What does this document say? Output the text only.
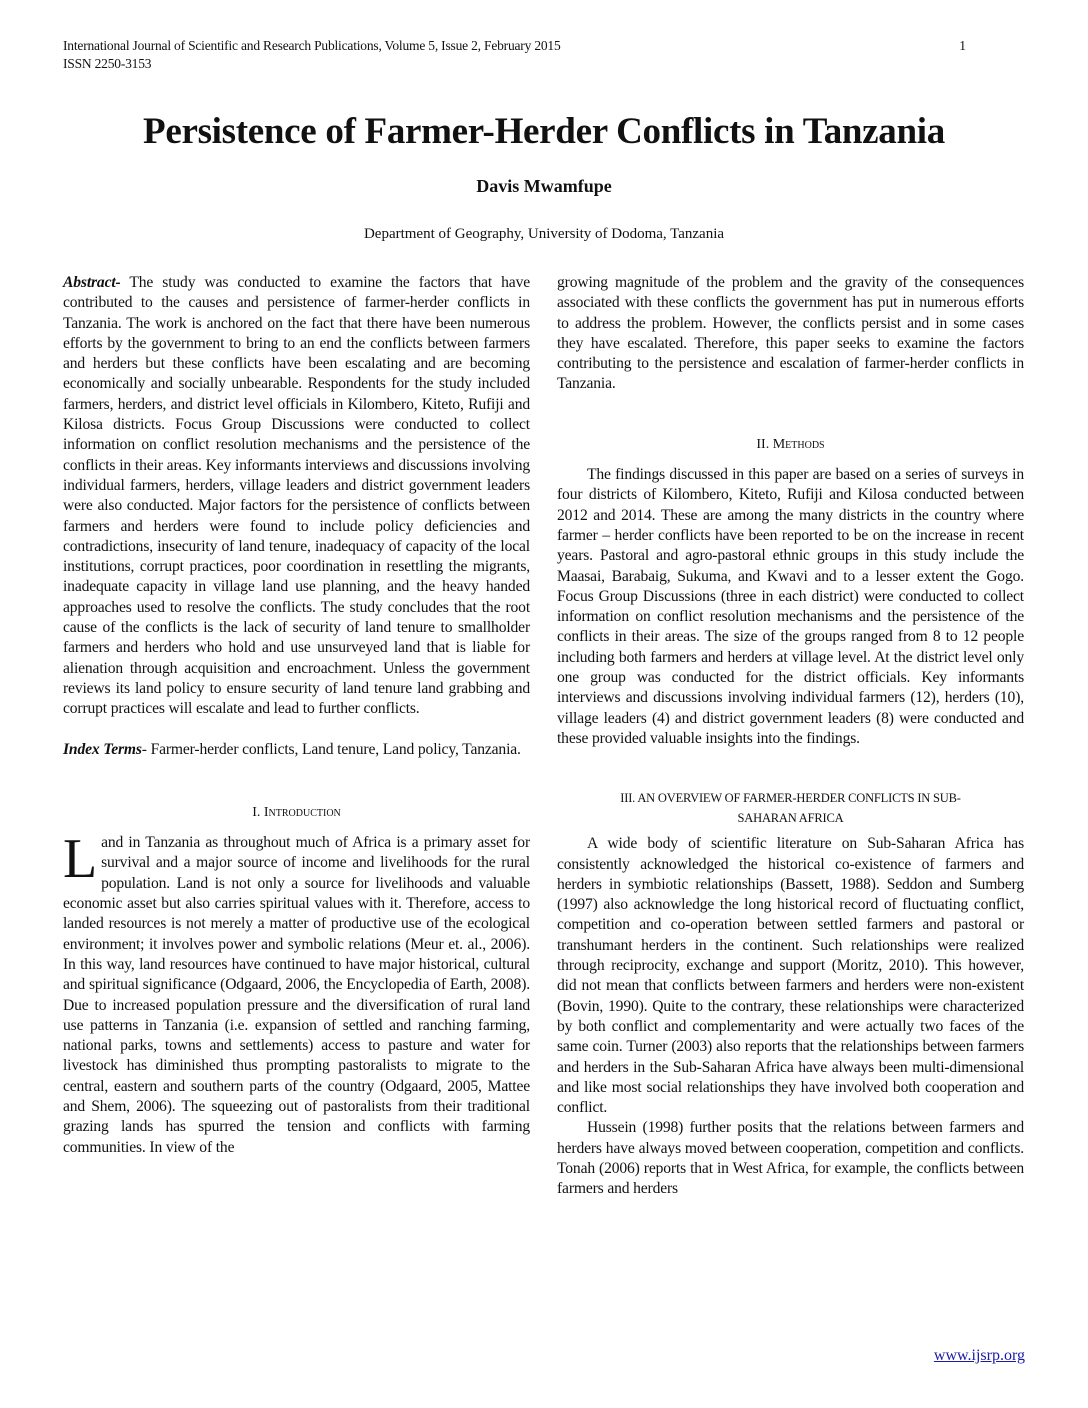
International Journal of Scientific and Research Publications, Volume 5, Issue 2, February 2015
ISSN 2250-3153
1
Persistence of Farmer-Herder Conflicts in Tanzania
Davis Mwamfupe
Department of Geography, University of Dodoma, Tanzania

Abstract- The study was conducted to examine the factors that have contributed to the causes and persistence of farmer-herder conflicts in Tanzania. The work is anchored on the fact that there have been numerous efforts by the government to bring to an end the conflicts between farmers and herders but these conflicts have been escalating and are becoming economically and socially unbearable. Respondents for the study included farmers, herders, and district level officials in Kilombero, Kiteto, Rufiji and Kilosa districts. Focus Group Discussions were conducted to collect information on conflict resolution mechanisms and the persistence of the conflicts in their areas. Key informants interviews and discussions involving individual farmers, herders, village leaders and district government leaders were also conducted. Major factors for the persistence of conflicts between farmers and herders were found to include policy deficiencies and contradictions, insecurity of land tenure, inadequacy of capacity of the local institutions, corrupt practices, poor coordination in resettling the migrants, inadequate capacity in village land use planning, and the heavy handed approaches used to resolve the conflicts. The study concludes that the root cause of the conflicts is the lack of security of land tenure to smallholder farmers and herders who hold and use unsurveyed land that is liable for alienation through acquisition and encroachment. Unless the government reviews its land policy to ensure security of land tenure land grabbing and corrupt practices will escalate and lead to further conflicts.

Index Terms- Farmer-herder conflicts, Land tenure, Land policy, Tanzania.

I. Introduction

Land in Tanzania as throughout much of Africa is a primary asset for survival and a major source of income and livelihoods for the rural population. Land is not only a source for livelihoods and valuable economic asset but also carries spiritual values with it. Therefore, access to landed resources is not merely a matter of productive use of the ecological environment; it involves power and symbolic relations (Meur et. al., 2006). In this way, land resources have continued to have major historical, cultural and spiritual significance (Odgaard, 2006, the Encyclopedia of Earth, 2008). Due to increased population pressure and the diversification of rural land use patterns in Tanzania (i.e. expansion of settled and ranching farming, national parks, towns and settlements) access to pasture and water for livestock has diminished thus prompting pastoralists to migrate to the central, eastern and southern parts of the country (Odgaard, 2005, Mattee and Shem, 2006). The squeezing out of pastoralists from their traditional grazing lands has spurred the tension and conflicts with farming communities. In view of the

growing magnitude of the problem and the gravity of the consequences associated with these conflicts the government has put in numerous efforts to address the problem. However, the conflicts persist and in some cases they have escalated. Therefore, this paper seeks to examine the factors contributing to the persistence and escalation of farmer-herder conflicts in Tanzania.

II. Methods

The findings discussed in this paper are based on a series of surveys in four districts of Kilombero, Kiteto, Rufiji and Kilosa conducted between 2012 and 2014. These are among the many districts in the country where farmer – herder conflicts have been reported to be on the increase in recent years. Pastoral and agro-pastoral ethnic groups in this study include the Maasai, Barabaig, Sukuma, and Kwavi and to a lesser extent the Gogo. Focus Group Discussions (three in each district) were conducted to collect information on conflict resolution mechanisms and the persistence of the conflicts in their areas. The size of the groups ranged from 8 to 12 people including both farmers and herders at village level. At the district level only one group was conducted for the district officials. Key informants interviews and discussions involving individual farmers (12), herders (10), village leaders (4) and district government leaders (8) were conducted and these provided valuable insights into the findings.

III. AN OVERVIEW OF FARMER-HERDER CONFLICTS IN SUB-
SAHARAN AFRICA

A wide body of scientific literature on Sub-Saharan Africa has consistently acknowledged the historical co-existence of farmers and herders in symbiotic relationships (Bassett, 1988). Seddon and Sumberg (1997) also acknowledge the long historical record of fluctuating conflict, competition and co-operation between settled farmers and pastoral or transhumant herders in the continent. Such relationships were realized through reciprocity, exchange and support (Moritz, 2010). This however, did not mean that conflicts between farmers and herders were non-existent (Bovin, 1990). Quite to the contrary, these relationships were characterized by both conflict and complementarity and were actually two faces of the same coin. Turner (2003) also reports that the relationships between farmers and herders in the Sub-Saharan Africa have always been multi-dimensional and like most social relationships they have involved both cooperation and conflict.

Hussein (1998) further posits that the relations between farmers and herders have always moved between cooperation, competition and conflicts. Tonah (2006) reports that in West Africa, for example, the conflicts between farmers and herders

www.ijsrp.org
